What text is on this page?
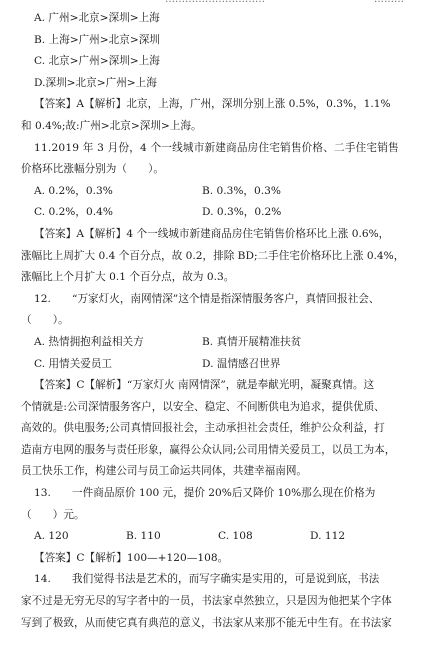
A. 广州>北京>深圳>上海
B. 上海>广州>北京>深圳
C. 北京>广州>深圳>上海
D.深圳>北京>广州>上海
【答案】A【解析】北京，上海，广州，深圳分别上涨 0.5%，0.3%，1.1%
和 0.4%;故:广州>北京>深圳>上海。
11.2019 年 3 月份，4 个一线城市新建商品房住宅销售价格、二手住宅销售
价格环比涨幅分别为（　　）。
A. 0.2%，0.3%	B. 0.3%，0.3%
C. 0.2%，0.4%	D. 0.3%，0.2%
【答案】A【解析】4 个一线城市新建商品房住宅销售价格环比上涨 0.6%，
涨幅比上周扩大 0.4 个百分点，故 0.2，排除 BD;二手住宅价格环比上涨 0.4%，
涨幅比上个月扩大 0.1 个百分点，故为 0.3。
12.　　“万家灯火，南网情深”这个情是指深情服务客户，真情回报社会、
（　　）。
A. 热情拥抱利益相关方	B. 真情开展精准扶贫
C. 用情关爱员工	D. 温情感召世界
【答案】C【解析】“万家灯火 南网情深”，就是奉献光明，凝聚真情。这
个情就是:公司深情服务客户，以安全、稳定、不间断供电为追求，提供优质、
高效的。供电服务;公司真情回报社会，主动承担社会责任，维护公众利益，打
造南方电网的服务与责任形象，赢得公众认同;公司用情关爱员工，以员工为本，
员工快乐工作，构建公司与员工命运共同体，共建幸福南网。
13.　　一件商品原价 100 元，提价 20%后又降价 10%那么现在价格为
（　　）元。
A. 120	B. 110	C. 108	D. 112
【答案】C【解析】100—+120—108。
14.　　我们觉得书法是艺术的，而写字确实是实用的，可是说到底，书法
家不过是无穷无尽的写字者中的一员，书法家卓然独立，只是因为他把某个字体
写到了极致，从而使它真有典范的意义，书法家从来那不能无中生有。在书法家
